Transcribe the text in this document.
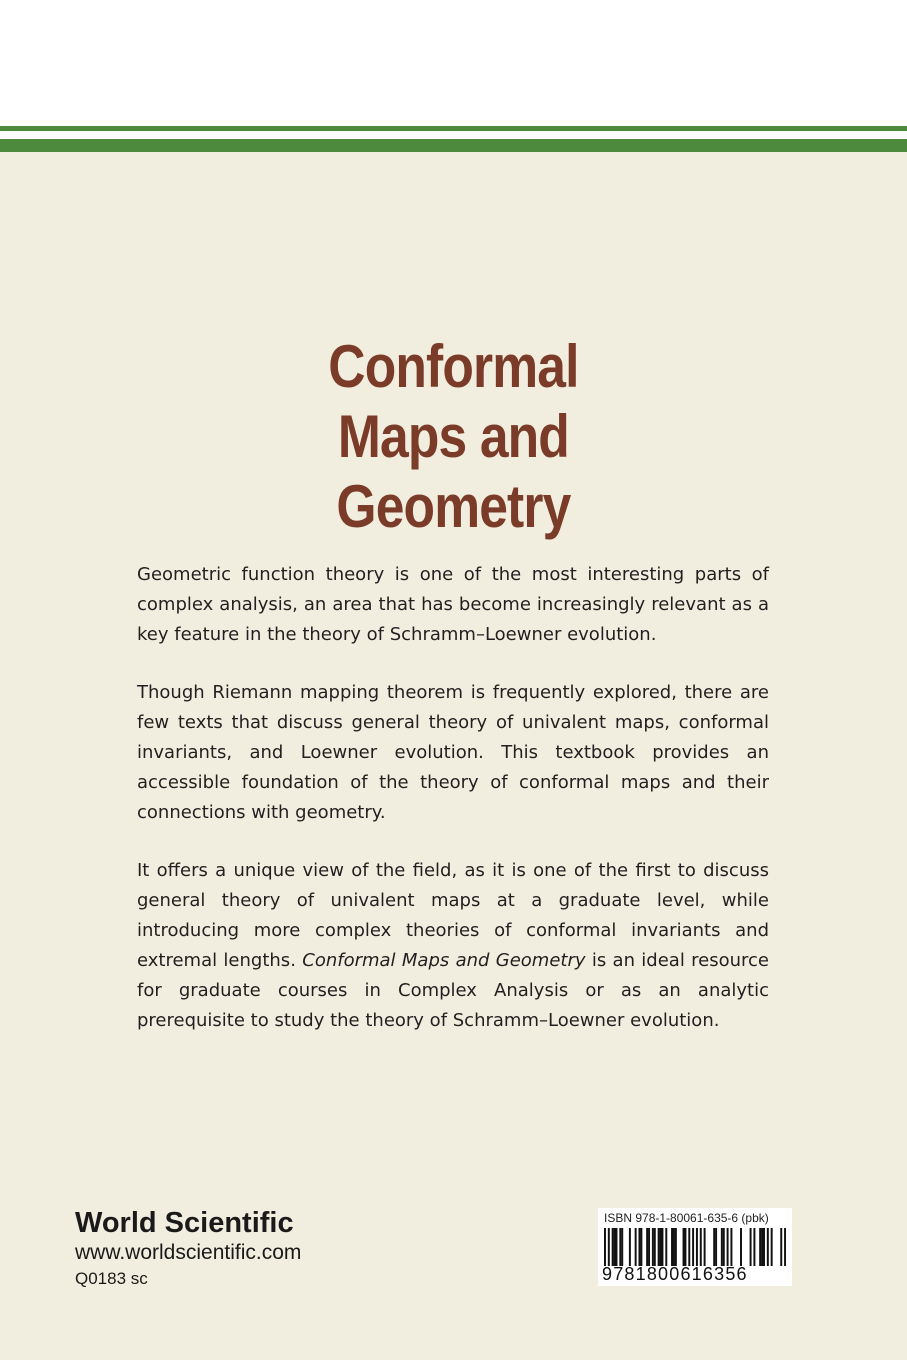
Conformal
Maps and
Geometry

Geometric function theory is one of the most interesting parts of complex analysis, an area that has become increasingly relevant as a key feature in the theory of Schramm–Loewner evolution.

Though Riemann mapping theorem is frequently explored, there are few texts that discuss general theory of univalent maps, conformal invariants, and Loewner evolution. This textbook provides an accessible foundation of the theory of conformal maps and their connections with geometry.

It offers a unique view of the field, as it is one of the first to discuss general theory of univalent maps at a graduate level, while introducing more complex theories of conformal invariants and extremal lengths. Conformal Maps and Geometry is an ideal resource for graduate courses in Complex Analysis or as an analytic prerequisite to study the theory of Schramm–Loewner evolution.

World Scientific
www.worldscientific.com
Q0183 sc
ISBN 978-1-80061-635-6 (pbk)
9781800616356
